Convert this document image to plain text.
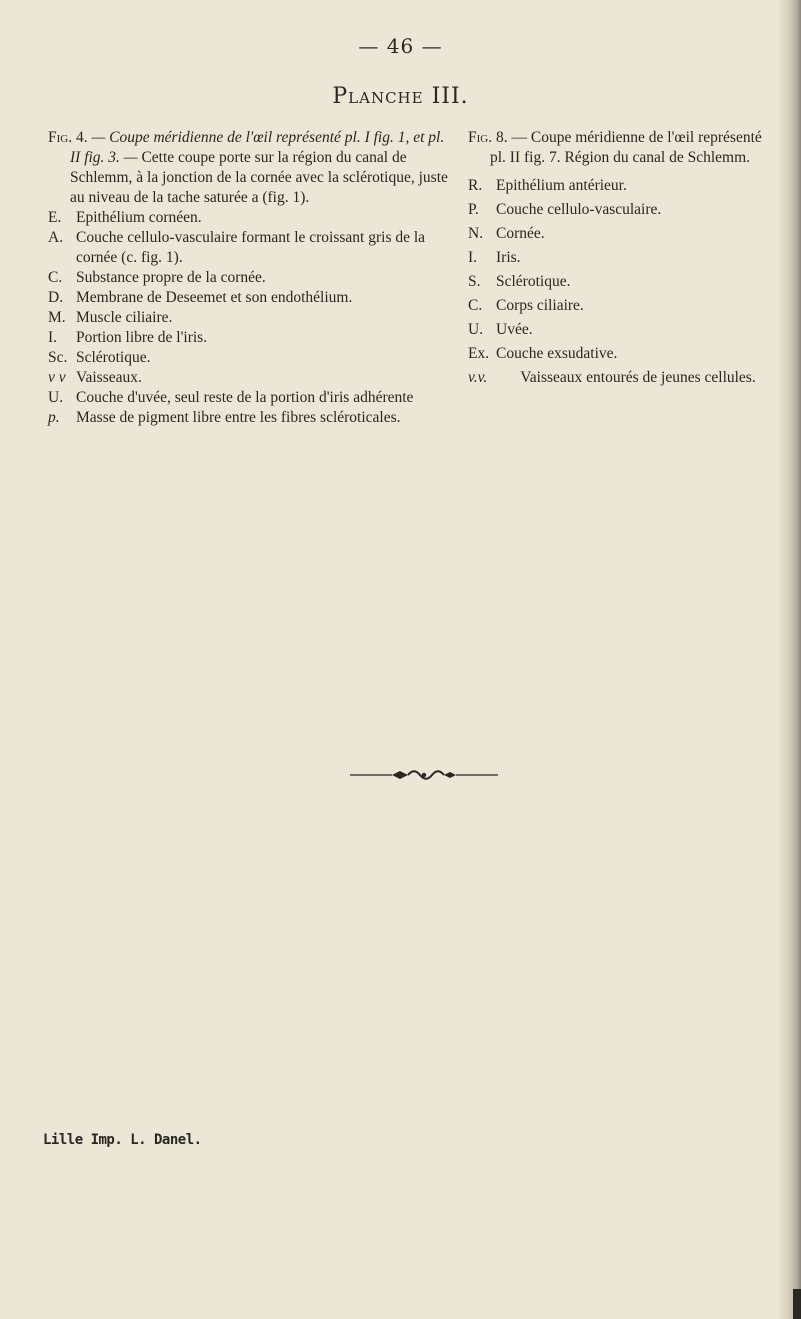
— 46 —
Planche III.

Fig. 4. — Coupe méridienne de l'œil représenté pl. I fig. 1, et pl. II fig. 3. — Cette coupe porte sur la région du canal de Schlemm, à la jonction de la cornée avec la sclérotique, juste au niveau de la tache saturée a (fig. 1).

E. Epithélium cornéen.
A. Couche cellulo-vasculaire formant le croissant gris de la cornée (c. fig. 1).
C. Substance propre de la cornée.
D. Membrane de Deseemet et son endothélium.
M. Muscle ciliaire.
I.	Portion libre de l'iris.
Sc. Sclérotique.
v v Vaisseaux.
U. Couche d'uvée, seul reste de la portion d'iris adhérente
p.	Masse de pigment libre entre les fibres scléroticales.

Fig. 8. — Coupe méridienne de l'œil représenté pl. II fig. 7. Région du canal de Schlemm.

R. Epithélium antérieur.
P.	Couche cellulo-vasculaire.
N. Cornée.
I.	Iris.
S.	Sclérotique.
C. Corps ciliaire.
U. Uvée.
Ex. Couche exsudative.
v.v.	Vaisseaux entourés de jeunes cellules.
Lille Imp. L. Danel.
